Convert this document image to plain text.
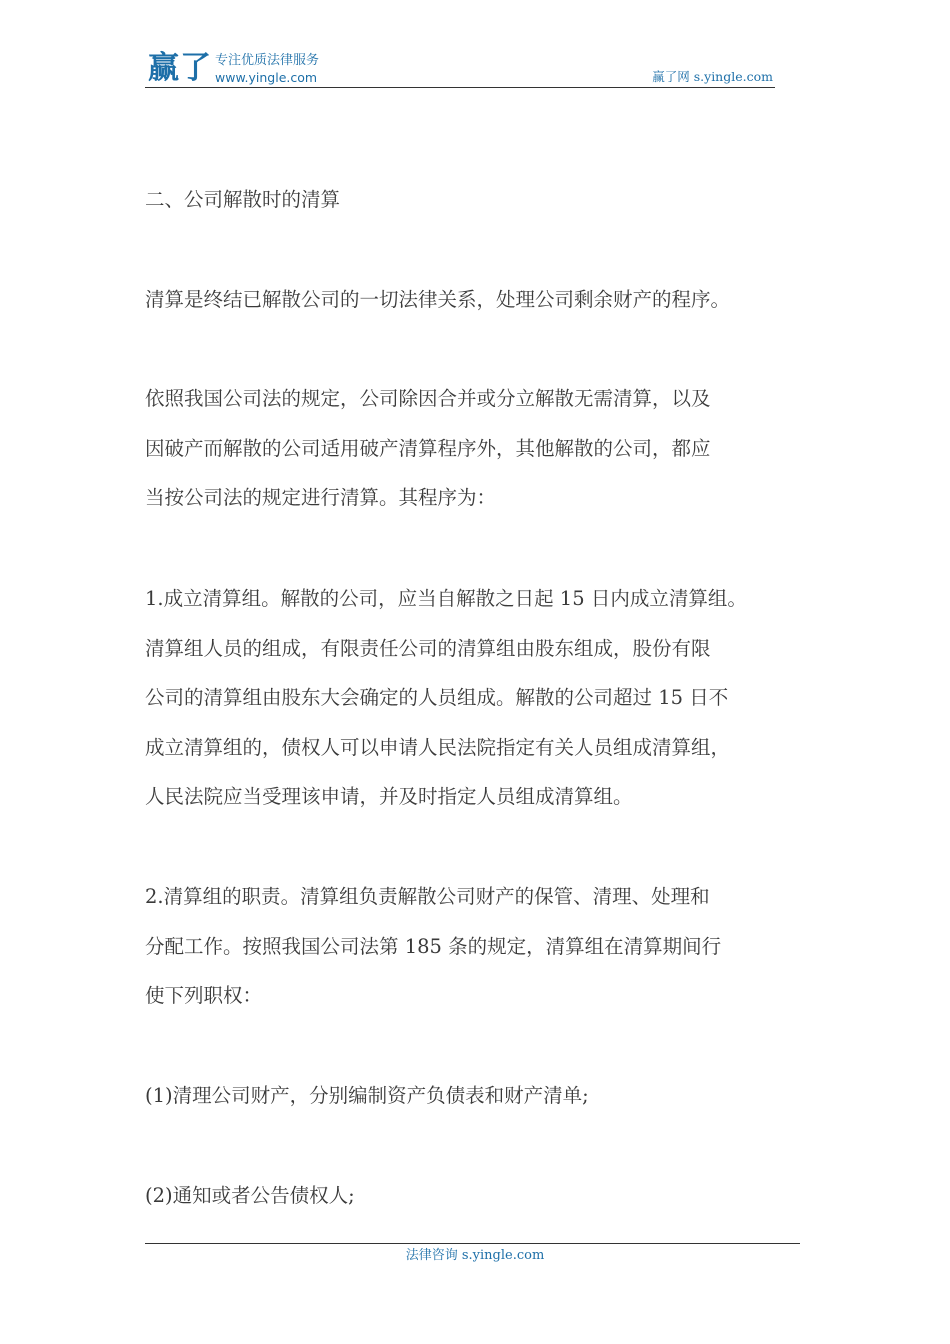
赢了 专注优质法律服务
www.yingle.com	赢了网 s.yingle.com

二、公司解散时的清算

清算是终结已解散公司的一切法律关系，处理公司剩余财产的程序。

依照我国公司法的规定，公司除因合并或分立解散无需清算，以及

因破产而解散的公司适用破产清算程序外，其他解散的公司，都应

当按公司法的规定进行清算。其程序为：

1.成立清算组。解散的公司，应当自解散之日起 15 日内成立清算组。

清算组人员的组成，有限责任公司的清算组由股东组成，股份有限

公司的清算组由股东大会确定的人员组成。解散的公司超过 15 日不

成立清算组的，债权人可以申请人民法院指定有关人员组成清算组，

人民法院应当受理该申请，并及时指定人员组成清算组。

2.清算组的职责。清算组负责解散公司财产的保管、清理、处理和

分配工作。按照我国公司法第 185 条的规定，清算组在清算期间行

使下列职权：

(1)清理公司财产，分别编制资产负债表和财产清单;

(2)通知或者公告债权人;

法律咨询 s.yingle.com
